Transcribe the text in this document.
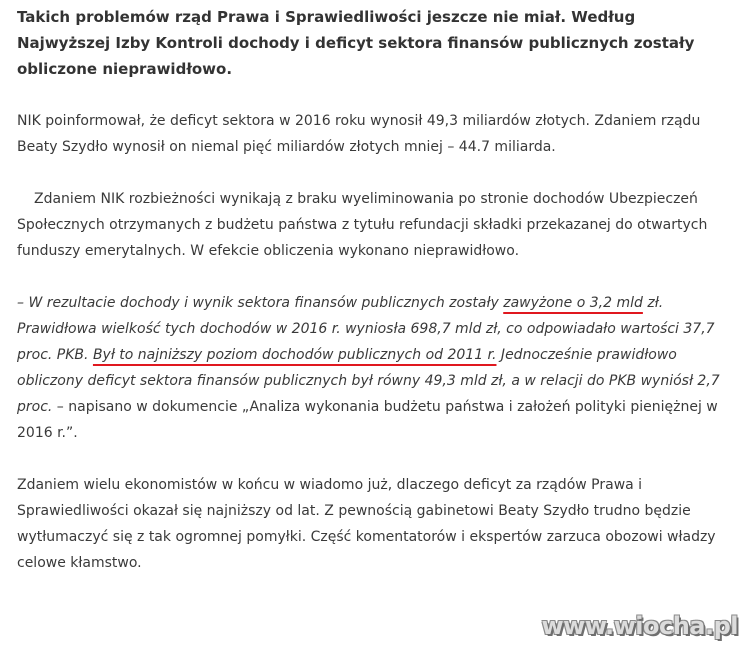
Takich problemów rząd Prawa i Sprawiedliwości jeszcze nie miał. Według Najwyższej Izby Kontroli dochody i deficyt sektora finansów publicznych zostały obliczone nieprawidłowo.

NIK poinformował, że deficyt sektora w 2016 roku wynosił 49,3 miliardów złotych. Zdaniem rządu Beaty Szydło wynosił on niemal pięć miliardów złotych mniej – 44.7 miliarda.

Zdaniem NIK rozbieżności wynikają z braku wyeliminowania po stronie dochodów Ubezpieczeń Społecznych otrzymanych z budżetu państwa z tytułu refundacji składki przekazanej do otwartych funduszy emerytalnych. W efekcie obliczenia wykonano nieprawidłowo.

– W rezultacie dochody i wynik sektora finansów publicznych zostały zawyżone o 3,2 mld zł. Prawidłowa wielkość tych dochodów w 2016 r. wyniosła 698,7 mld zł, co odpowiadało wartości 37,7 proc. PKB. Był to najniższy poziom dochodów publicznych od 2011 r. Jednocześnie prawidłowo obliczony deficyt sektora finansów publicznych był równy 49,3 mld zł, a w relacji do PKB wyniósł 2,7 proc. – napisano w dokumencie „Analiza wykonania budżetu państwa i założeń polityki pieniężnej w 2016 r.”.

Zdaniem wielu ekonomistów w końcu w wiadomo już, dlaczego deficyt za rządów Prawa i Sprawiedliwości okazał się najniższy od lat. Z pewnością gabinetowi Beaty Szydło trudno będzie wytłumaczyć się z tak ogromnej pomyłki. Część komentatorów i ekspertów zarzuca obozowi władzy celowe kłamstwo.

www.wiocha.pl
